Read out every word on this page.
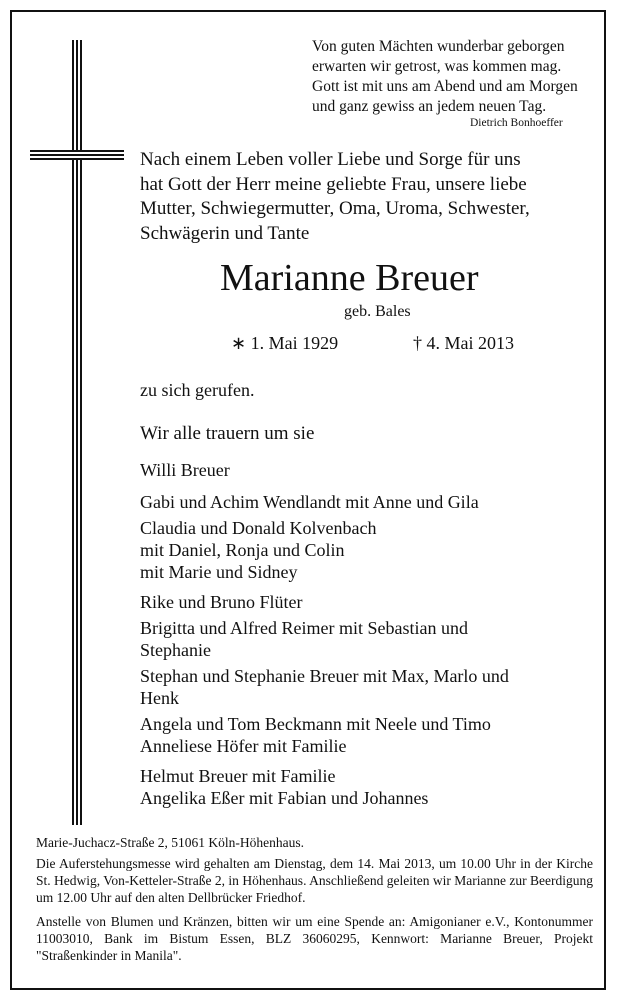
Von guten Mächten wunderbar geborgen
erwarten wir getrost, was kommen mag.
Gott ist mit uns am Abend und am Morgen
und ganz gewiss an jedem neuen Tag.
Dietrich Bonhoeffer
Nach einem Leben voller Liebe und Sorge für uns
hat Gott der Herr meine geliebte Frau, unsere liebe
Mutter, Schwiegermutter, Oma, Uroma, Schwester,
Schwägerin und Tante
Marianne Breuer
geb. Bales
∗ 1. Mai 1929	† 4. Mai 2013
zu sich gerufen.
Wir alle trauern um sie
Willi Breuer
Gabi und Achim Wendlandt mit Anne und Gila
Claudia und Donald Kolvenbach
mit Daniel, Ronja und Colin
mit Marie und Sidney
Rike und Bruno Flüter
Brigitta und Alfred Reimer mit Sebastian und
Stephanie
Stephan und Stephanie Breuer mit Max, Marlo und
Henk
Angela und Tom Beckmann mit Neele und Timo
Anneliese Höfer mit Familie
Helmut Breuer mit Familie
Angelika Eßer mit Fabian und Johannes
Marie-Juchacz-Straße 2, 51061 Köln-Höhenhaus.
Die Auferstehungsmesse wird gehalten am Dienstag, dem 14. Mai 2013, um 10.00 Uhr in der Kirche St. Hedwig, Von-Ketteler-Straße 2, in Höhenhaus. Anschließend geleiten wir Marianne zur Beerdigung um 12.00 Uhr auf den alten Dellbrücker Friedhof.
Anstelle von Blumen und Kränzen, bitten wir um eine Spende an: Amigonianer e.V., Kontonummer 11003010, Bank im Bistum Essen, BLZ 36060295, Kennwort: Marianne Breuer, Projekt "Straßenkinder in Manila".
